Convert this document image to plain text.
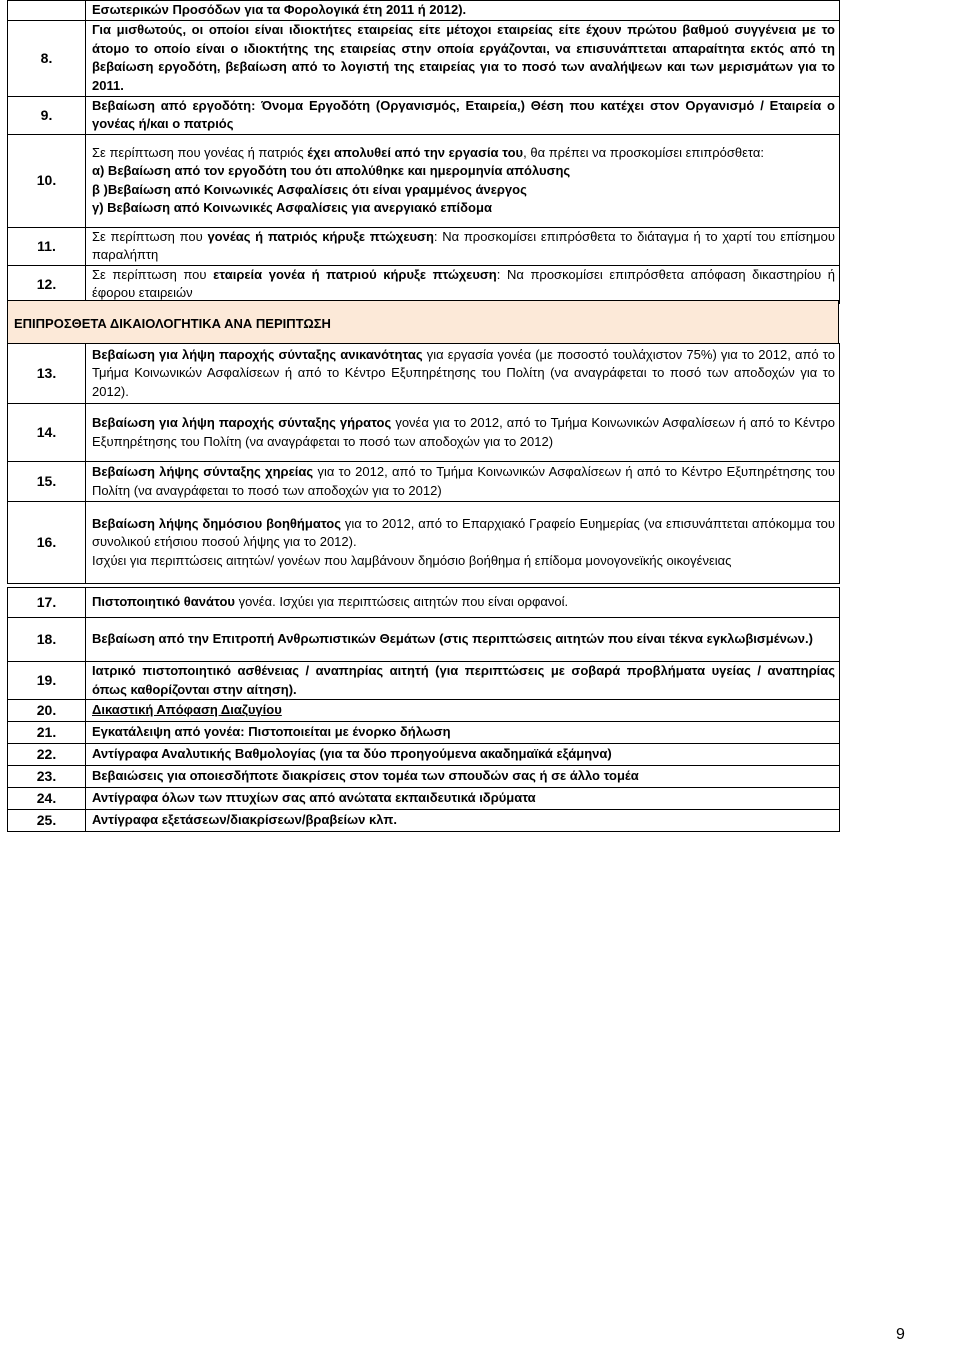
	Εσωτερικών Προσόδων για τα Φορολογικά έτη 2011 ή 2012).
8.	Για μισθωτούς, οι οποίοι είναι ιδιοκτήτες εταιρείας είτε μέτοχοι εταιρείας είτε έχουν πρώτου βαθμού συγγένεια με το άτομο το οποίο είναι ο ιδιοκτήτης της εταιρείας στην οποία εργάζονται, να επισυνάπτεται απαραίτητα εκτός από τη βεβαίωση εργοδότη, βεβαίωση από το λογιστή της εταιρείας για το ποσό των αναλήψεων και των μερισμάτων για το 2011.
9.	Βεβαίωση από εργοδότη: Όνομα Εργοδότη (Οργανισμός, Εταιρεία,) Θέση που κατέχει στον Οργανισμό / Εταιρεία ο γονέας ή/και ο πατριός
10.	Σε περίπτωση που γονέας ή πατριός έχει απολυθεί από την εργασία του, θα πρέπει να προσκομίσει επιπρόσθετα:
α) Βεβαίωση από τον εργοδότη του ότι απολύθηκε και ημερομηνία απόλυσης
β )Βεβαίωση από Κοινωνικές Ασφαλίσεις ότι είναι γραμμένος άνεργος
γ) Βεβαίωση από Κοινωνικές Ασφαλίσεις για ανεργιακό επίδομα
11.	Σε περίπτωση που γονέας ή πατριός κήρυξε πτώχευση: Να προσκομίσει επιπρόσθετα το διάταγμα ή το χαρτί του επίσημου παραλήπτη
12.	Σε περίπτωση που εταιρεία γονέα ή πατριού κήρυξε πτώχευση: Να προσκομίσει επιπρόσθετα απόφαση δικαστηρίου ή έφορου εταιρειών
ΕΠΙΠΡΟΣΘΕΤΑ ΔΙΚΑΙΟΛΟΓΗΤΙΚΑ ΑΝΑ ΠΕΡΙΠΤΩΣΗ
13.	Βεβαίωση για λήψη παροχής σύνταξης ανικανότητας για εργασία γονέα (με ποσοστό τουλάχιστον 75%) για το 2012, από το Τμήμα Κοινωνικών Ασφαλίσεων ή από το Κέντρο Εξυπηρέτησης του Πολίτη (να αναγράφεται το ποσό των αποδοχών για το 2012).
14.	Βεβαίωση για λήψη παροχής σύνταξης γήρατος γονέα για το 2012, από το Τμήμα Κοινωνικών Ασφαλίσεων ή από το Κέντρο Εξυπηρέτησης του Πολίτη (να αναγράφεται το ποσό των αποδοχών για το 2012)
15.	Βεβαίωση λήψης σύνταξης χηρείας για το 2012, από το Τμήμα Κοινωνικών Ασφαλίσεων ή από το Κέντρο Εξυπηρέτησης του Πολίτη (να αναγράφεται το ποσό των αποδοχών για το 2012)
16.	Βεβαίωση λήψης δημόσιου βοηθήματος για το 2012, από το Επαρχιακό Γραφείο Ευημερίας (να επισυνάπτεται απόκομμα του συνολικού ετήσιου ποσού λήψης για το 2012).
Ισχύει για περιπτώσεις αιτητών/ γονέων που λαμβάνουν δημόσιο βοήθημα ή επίδομα μονογονεϊκής οικογένειας
17.	Πιστοποιητικό θανάτου γονέα. Ισχύει για περιπτώσεις αιτητών που είναι ορφανοί.
18.	Βεβαίωση από την Επιτροπή Ανθρωπιστικών Θεμάτων (στις περιπτώσεις αιτητών που είναι τέκνα εγκλωβισμένων.)
19.	Ιατρικό πιστοποιητικό ασθένειας / αναπηρίας αιτητή (για περιπτώσεις με σοβαρά προβλήματα υγείας / αναπηρίας όπως καθορίζονται στην αίτηση).
20.	Δικαστική Απόφαση Διαζυγίου
21.	Εγκατάλειψη από γονέα: Πιστοποιείται με ένορκο δήλωση
22.	Αντίγραφα Αναλυτικής Βαθμολογίας (για τα δύο προηγούμενα ακαδημαϊκά εξάμηνα)
23.	Βεβαιώσεις για οποιεσδήποτε διακρίσεις στον τομέα των σπουδών σας ή σε άλλο τομέα
24.	Αντίγραφα όλων των πτυχίων σας από ανώτατα εκπαιδευτικά ιδρύματα
25.	Αντίγραφα εξετάσεων/διακρίσεων/βραβείων κλπ.
9
